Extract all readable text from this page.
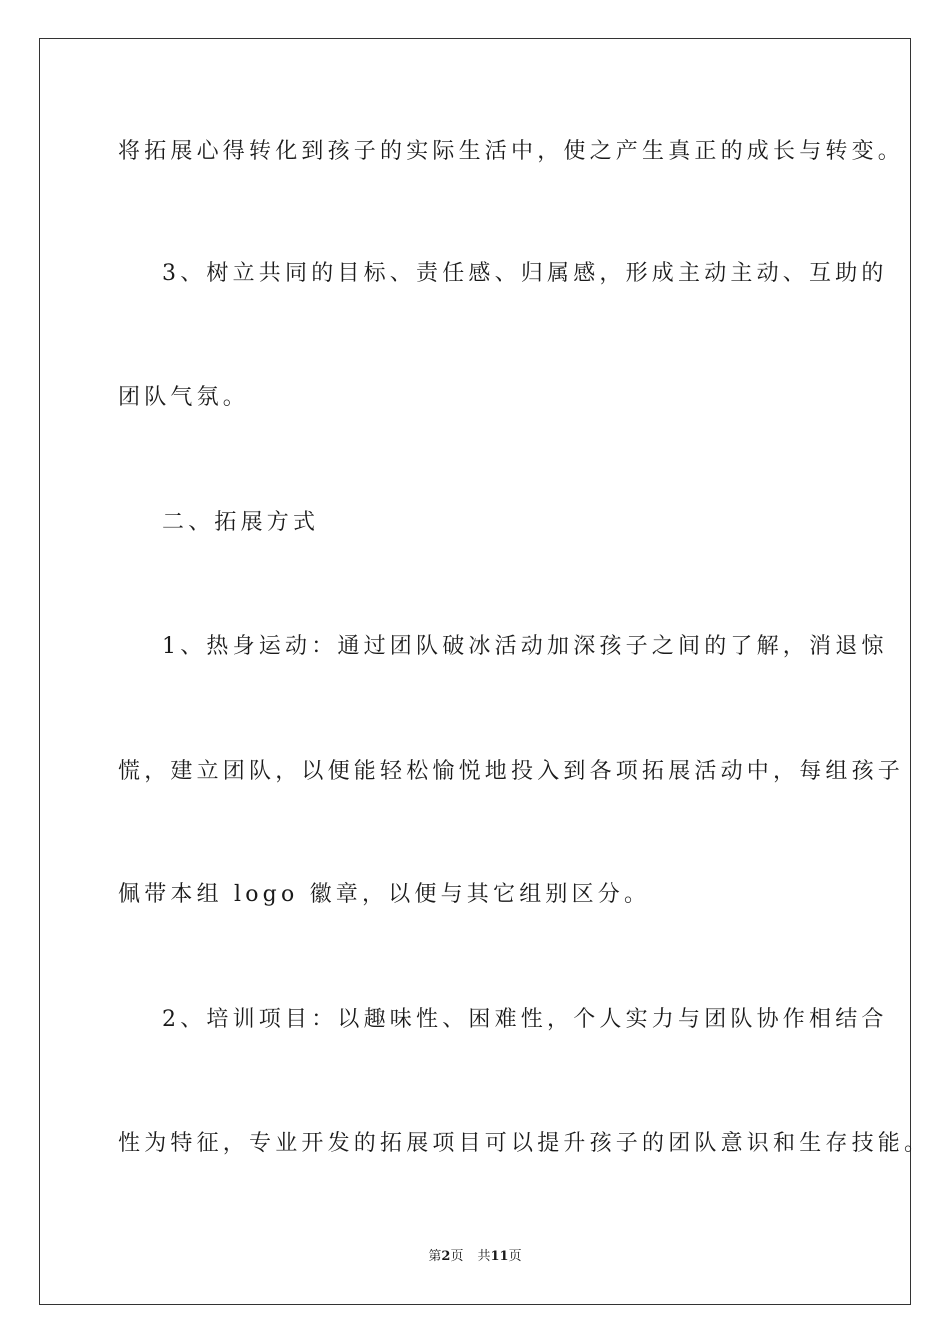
将拓展心得转化到孩子的实际生活中，使之产生真正的成长与转变。
3、树立共同的目标、责任感、归属感，形成主动主动、互助的
团队气氛。
二、拓展方式
1、热身运动：通过团队破冰活动加深孩子之间的了解，消退惊
慌，建立团队，以便能轻松愉悦地投入到各项拓展活动中，每组孩子
佩带本组 logo 徽章，以便与其它组别区分。
2、培训项目：以趣味性、困难性，个人实力与团队协作相结合
性为特征，专业开发的拓展项目可以提升孩子的团队意识和生存技能。
第2页 共11页
